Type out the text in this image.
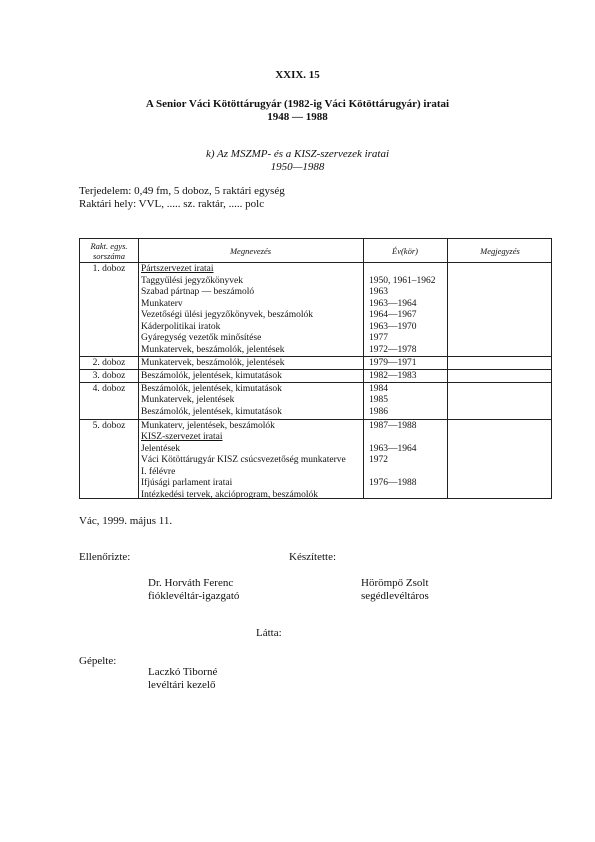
XXIX. 15
A Senior Váci Kötöttárugyár (1982-ig Váci Kötöttárugyár) iratai
1948 — 1988
k) Az MSZMP- és a KISZ-szervezek iratai
1950—1988
Terjedelem: 0,49 fm, 5 doboz, 5 raktári egység
Raktári hely: VVL, ..... sz. raktár, ..... polc
Rakt. egys.
sorszáma	Megnevezés	Év(kör)	Megjegyzés
1. doboz	Pártszervezet iratai
Taggyűlési jegyzőkönyvek	1950, 1961–1962
Szabad pártnap — beszámoló	1963
Munkaterv	1963—1964
Vezetőségi ülési jegyzőkönyvek, beszámolók	1964—1967
Káderpolitikai iratok	1963—1970
Gyáregység vezetők minősítése	1977
Munkatervek, beszámolók, jelentések	1972—1978
2. doboz	Munkatervek, beszámolók, jelentések	1979—1971
3. doboz	Beszámolók, jelentések, kimutatások	1982—1983
4. doboz	Beszámolók, jelentések, kimutatások	1984
Munkatervek, jelentések	1985
Beszámolók, jelentések, kimutatások	1986
5. doboz	Munkaterv, jelentések, beszámolók	1987—1988
KISZ-szervezet iratai
Jelentések	1963—1964
Váci Kötöttárugyár KISZ csúcsvezetőség munkaterve 1972
I. félévre
Ifjúsági parlament iratai	1976—1988
Intézkedési tervek, akcióprogram, beszámolók
Vác, 1999. május 11.
Ellenőrizte:	Készítette:
Dr. Horváth Ferenc
fióklevéltár-igazgató
Hörömpő Zsolt
segédlevéltáros
Látta:
Gépelte:
Laczkó Tiborné
levéltári kezelő
